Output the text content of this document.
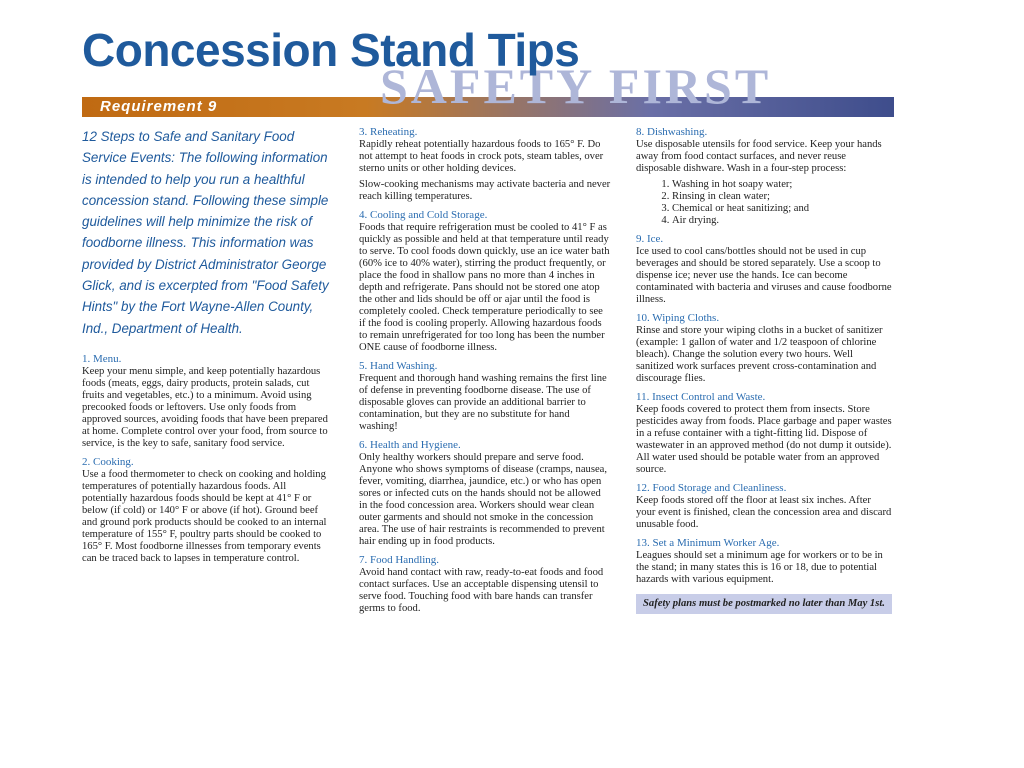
SAFETY FIRST
Concession Stand Tips
Requirement 9

12 Steps to Safe and Sanitary Food Service Events: The following information is intended to help you run a healthful concession stand. Following these simple guidelines will help minimize the risk of foodborne illness. This information was provided by District Administrator George Glick, and is excerpted from "Food Safety Hints" by the Fort Wayne-Allen County, Ind., Department of Health.

1. Menu.

Keep your menu simple, and keep potentially hazardous foods (meats, eggs, dairy products, protein salads, cut fruits and vegetables, etc.) to a minimum. Avoid using precooked foods or leftovers. Use only foods from approved sources, avoiding foods that have been prepared at home. Complete control over your food, from source to service, is the key to safe, sanitary food service.

2. Cooking.

Use a food thermometer to check on cooking and holding temperatures of potentially hazardous foods. All potentially hazardous foods should be kept at 41° F or below (if cold) or 140° F or above (if hot). Ground beef and ground pork products should be cooked to an internal temperature of 155° F, poultry parts should be cooked to 165° F. Most foodborne illnesses from temporary events can be traced back to lapses in temperature control.

3. Reheating.

Rapidly reheat potentially hazardous foods to 165° F. Do not attempt to heat foods in crock pots, steam tables, over sterno units or other holding devices.

Slow-cooking mechanisms may activate bacteria and never reach killing temperatures.

4. Cooling and Cold Storage.

Foods that require refrigeration must be cooled to 41° F as quickly as possible and held at that temperature until ready to serve. To cool foods down quickly, use an ice water bath (60% ice to 40% water), stirring the product frequently, or place the food in shallow pans no more than 4 inches in depth and refrigerate. Pans should not be stored one atop the other and lids should be off or ajar until the food is completely cooled. Check temperature periodically to see if the food is cooling properly. Allowing hazardous foods to remain unrefrigerated for too long has been the number ONE cause of foodborne illness.

5. Hand Washing.

Frequent and thorough hand washing remains the first line of defense in preventing foodborne disease. The use of disposable gloves can provide an additional barrier to contamination, but they are no substitute for hand washing!

6. Health and Hygiene.

Only healthy workers should prepare and serve food. Anyone who shows symptoms of disease (cramps, nausea, fever, vomiting, diarrhea, jaundice, etc.) or who has open sores or infected cuts on the hands should not be allowed in the food concession area. Workers should wear clean outer garments and should not smoke in the concession area. The use of hair restraints is recommended to prevent hair ending up in food products.

7. Food Handling.

Avoid hand contact with raw, ready-to-eat foods and food contact surfaces. Use an acceptable dispensing utensil to serve food. Touching food with bare hands can transfer germs to food.

8. Dishwashing.

Use disposable utensils for food service. Keep your hands away from food contact surfaces, and never reuse disposable dishware. Wash in a four-step process:

1. Washing in hot soapy water;
2. Rinsing in clean water;
3. Chemical or heat sanitizing; and
4. Air drying.
9. Ice.

Ice used to cool cans/bottles should not be used in cup beverages and should be stored separately. Use a scoop to dispense ice; never use the hands. Ice can become contaminated with bacteria and viruses and cause foodborne illness.

10. Wiping Cloths.

Rinse and store your wiping cloths in a bucket of sanitizer (example: 1 gallon of water and 1/2 teaspoon of chlorine bleach). Change the solution every two hours. Well sanitized work surfaces prevent cross-contamination and discourage flies.

11. Insect Control and Waste.

Keep foods covered to protect them from insects. Store pesticides away from foods. Place garbage and paper wastes in a refuse container with a tight-fitting lid. Dispose of wastewater in an approved method (do not dump it outside). All water used should be potable water from an approved source.

12. Food Storage and Cleanliness.

Keep foods stored off the floor at least six inches. After your event is finished, clean the concession area and discard unusable food.

13. Set a Minimum Worker Age.

Leagues should set a minimum age for workers or to be in the stand; in many states this is 16 or 18, due to potential hazards with various equipment.

Safety plans must be postmarked no later than May 1st.
